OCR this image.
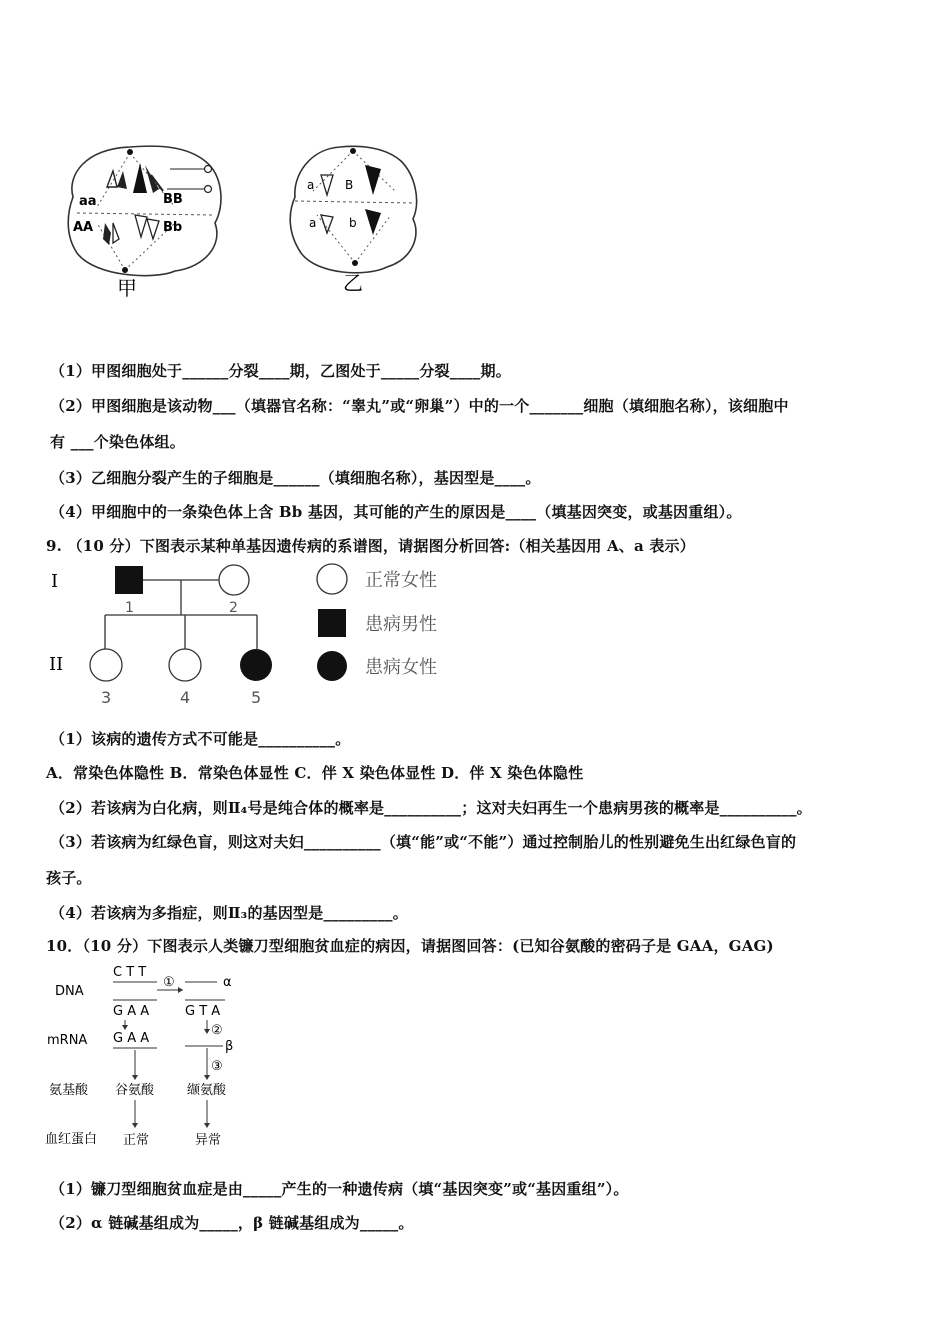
aa
AA
BB
Bb
甲
a
a
B
b
乙
（1）甲图细胞处于______分裂____期，乙图处于_____分裂____期。
（2）甲图细胞是该动物___（填器官名称：“睾丸”或“卵巢”）中的一个_______细胞（填细胞名称），该细胞中
有 ___个染色体组。
（3）乙细胞分裂产生的子细胞是______（填细胞名称），基因型是____。
（4）甲细胞中的一条染色体上含 Bb 基因，其可能的产生的原因是____（填基因突变，或基因重组）。
9. （10 分）下图表示某种单基因遗传病的系谱图，请据图分析回答:（相关基因用 A、a 表示）
I
II
1	2
3	4	5
正常女性
患病男性
患病女性
（1）该病的遗传方式不可能是__________。
A．常染色体隐性 B．常染色体显性 C．伴 X 染色体显性 D．伴 X 染色体隐性
（2）若该病为白化病，则Ⅱ₄号是纯合体的概率是__________；这对夫妇再生一个患病男孩的概率是__________。
（3）若该病为红绿色盲，则这对夫妇__________（填“能”或“不能”）通过控制胎儿的性别避免生出红绿色盲的
孩子。
（4）若该病为多指症，则Ⅱ₃的基因型是_________。
10．（10 分）下图表示人类镰刀型细胞贫血症的病因，请据图回答：(已知谷氨酸的密码子是 GAA，GAG)
DNA
mRNA
氨基酸
血红蛋白
C T T
G A A
①	α
G T A
G A A
②
β
③
谷氨酸	缬氨酸
正常	异常
（1）镰刀型细胞贫血症是由_____产生的一种遗传病（填“基因突变”或“基因重组”）。
（2）α 链碱基组成为_____，β 链碱基组成为_____。
